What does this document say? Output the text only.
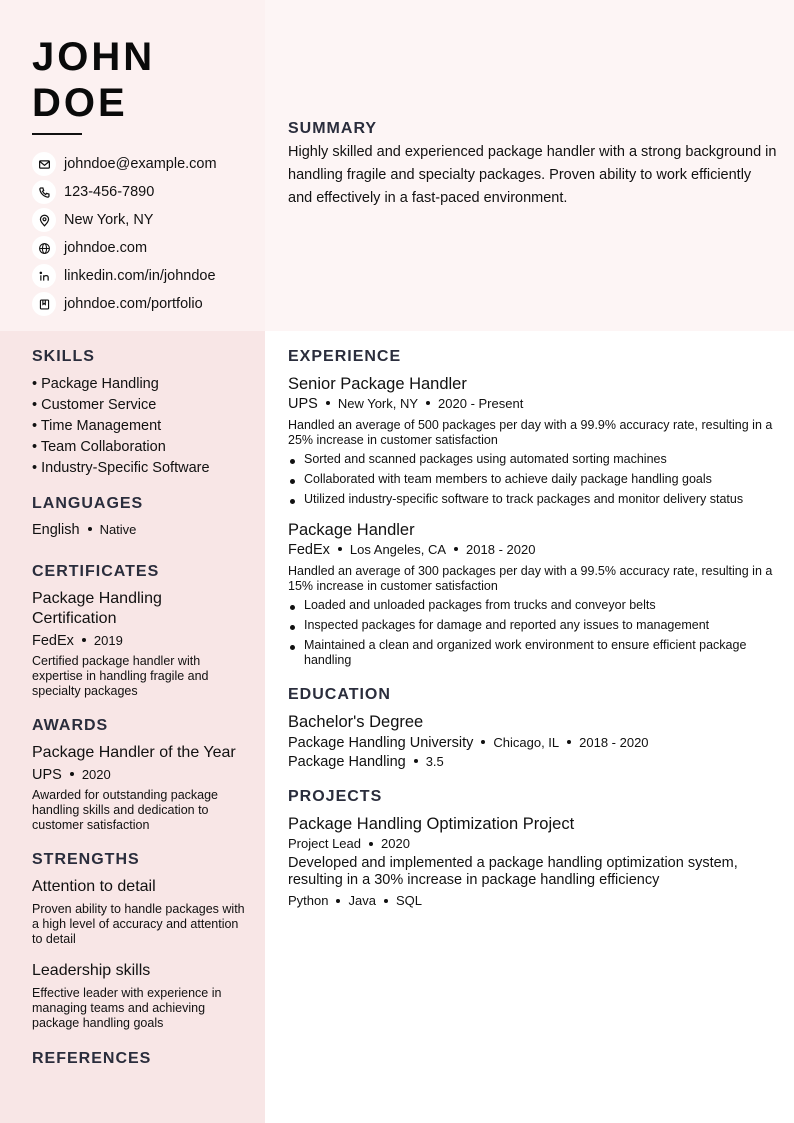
JOHN
DOE
johndoe@example.com
123-456-7890
New York, NY
johndoe.com
linkedin.com/in/johndoe
johndoe.com/portfolio
SUMMARY

Highly skilled and experienced package handler with a strong background in handling fragile and specialty packages. Proven ability to work efficiently and effectively in a fast-paced environment.

SKILLS
• Package Handling
• Customer Service
• Time Management
• Team Collaboration
• Industry-Specific Software
LANGUAGES
English Native
CERTIFICATES
Package Handling Certification
FedEx 2019
Certified package handler with expertise in handling fragile and specialty packages
AWARDS
Package Handler of the Year
UPS 2020
Awarded for outstanding package handling skills and dedication to customer satisfaction
STRENGTHS
Attention to detail
Proven ability to handle packages with a high level of accuracy and attention to detail
Leadership skills
Effective leader with experience in managing teams and achieving package handling goals
REFERENCES
EXPERIENCE
Senior Package Handler
UPS New York, NY 2020 - Present
Handled an average of 500 packages per day with a 99.9% accuracy rate, resulting in a 25% increase in customer satisfaction
Sorted and scanned packages using automated sorting machines
Collaborated with team members to achieve daily package handling goals
Utilized industry-specific software to track packages and monitor delivery status
Package Handler
FedEx Los Angeles, CA 2018 - 2020
Handled an average of 300 packages per day with a 99.5% accuracy rate, resulting in a 15% increase in customer satisfaction
Loaded and unloaded packages from trucks and conveyor belts
Inspected packages for damage and reported any issues to management
Maintained a clean and organized work environment to ensure efficient package handling
EDUCATION
Bachelor's Degree
Package Handling University Chicago, IL 2018 - 2020
Package Handling 3.5
PROJECTS
Package Handling Optimization Project
Project Lead 2020
Developed and implemented a package handling optimization system, resulting in a 30% increase in package handling efficiency
Python Java SQL
